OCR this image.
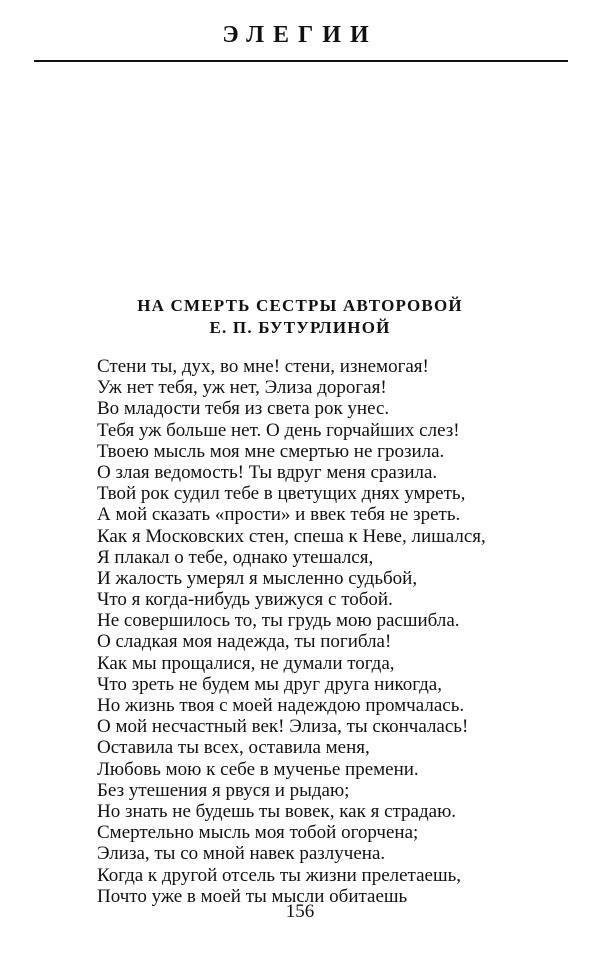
ЭЛЕГИИ
НА СМЕРТЬ СЕСТРЫ АВТОРОВОЙ
Е. П. БУТУРЛИНОЙ
Стени ты, дух, во мне! стени, изнемогая!
Уж нет тебя, уж нет, Элиза дорогая!
Во младости тебя из света рок унес.
Тебя уж больше нет. О день горчайших слез!
Твоею мысль моя мне смертью не грозила.
О злая ведомость! Ты вдруг меня сразила.
Твой рок судил тебе в цветущих днях умреть,
А мой сказать «прости» и ввек тебя не зреть.
Как я Московских стен, спеша к Неве, лишался,
Я плакал о тебе, однако утешался,
И жалость умерял я мысленно судьбой,
Что я когда-нибудь увижуся с тобой.
Не совершилось то, ты грудь мою расшибла.
О сладкая моя надежда, ты погибла!
Как мы прощалися, не думали тогда,
Что зреть не будем мы друг друга никогда,
Но жизнь твоя с моей надеждою промчалась.
О мой несчастный век! Элиза, ты скончалась!
Оставила ты всех, оставила меня,
Любовь мою к себе в мученье премени.
Без утешения я рвуся и рыдаю;
Но знать не будешь ты вовек, как я страдаю.
Смертельно мысль моя тобой огорчена;
Элиза, ты со мной навек разлучена.
Когда к другой отсель ты жизни прелетаешь,
Почто уже в моей ты мысли обитаешь
156
